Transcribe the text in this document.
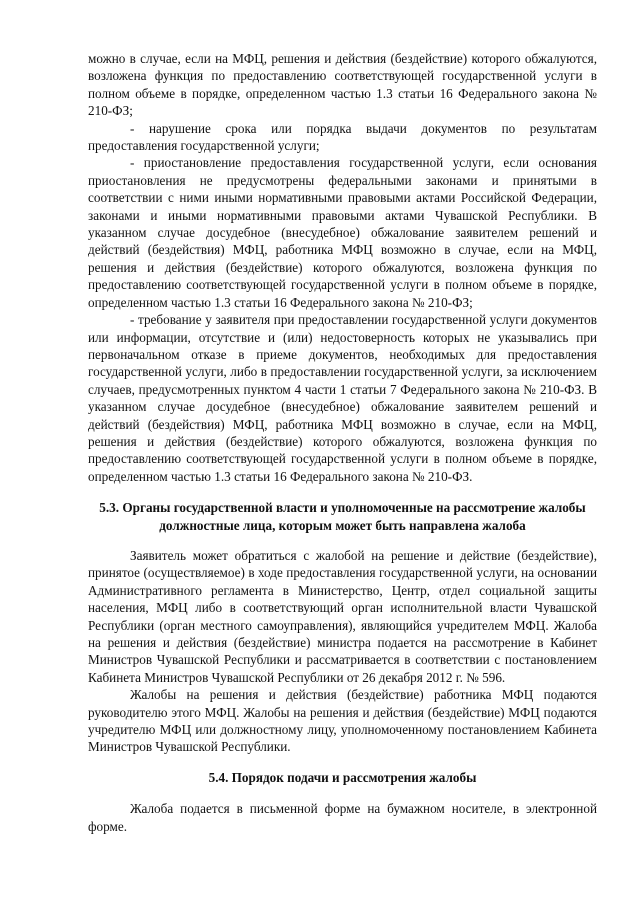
можно в случае, если на МФЦ, решения и действия (бездействие) которого обжалуются, возложена функция по предоставлению соответствующей государственной услуги в полном объеме в порядке, определенном частью 1.3 статьи 16 Федерального закона № 210-ФЗ;

- нарушение срока или порядка выдачи документов по результатам предоставления государственной услуги;

- приостановление предоставления государственной услуги, если основания приостановления не предусмотрены федеральными законами и принятыми в соответствии с ними иными нормативными правовыми актами Российской Федерации, законами и иными нормативными правовыми актами Чувашской Республики. В указанном случае досудебное (внесудебное) обжалование заявителем решений и действий (бездействия) МФЦ, работника МФЦ возможно в случае, если на МФЦ, решения и действия (бездействие) которого обжалуются, возложена функция по предоставлению соответствующей государственной услуги в полном объеме в порядке, определенном частью 1.3 статьи 16 Федерального закона № 210-ФЗ;

- требование у заявителя при предоставлении государственной услуги документов или информации, отсутствие и (или) недостоверность которых не указывались при первоначальном отказе в приеме документов, необходимых для предоставления государственной услуги, либо в предоставлении государственной услуги, за исключением случаев, предусмотренных пунктом 4 части 1 статьи 7 Федерального закона № 210-ФЗ. В указанном случае досудебное (внесудебное) обжалование заявителем решений и действий (бездействия) МФЦ, работника МФЦ возможно в случае, если на МФЦ, решения и действия (бездействие) которого обжалуются, возложена функция по предоставлению соответствующей государственной услуги в полном объеме в порядке, определенном частью 1.3 статьи 16 Федерального закона № 210-ФЗ.

5.3. Органы государственной власти и уполномоченные на рассмотрение жалобы должностные лица, которым может быть направлена жалоба

Заявитель может обратиться с жалобой на решение и действие (бездействие), принятое (осуществляемое) в ходе предоставления государственной услуги, на основании Административного регламента в Министерство, Центр, отдел социальной защиты населения, МФЦ либо в соответствующий орган исполнительной власти Чувашской Республики (орган местного самоуправления), являющийся учредителем МФЦ. Жалоба на решения и действия (бездействие) министра подается на рассмотрение в Кабинет Министров Чувашской Республики и рассматривается в соответствии с постановлением Кабинета Министров Чувашской Республики от 26 декабря 2012 г. № 596.

Жалобы на решения и действия (бездействие) работника МФЦ подаются руководителю этого МФЦ. Жалобы на решения и действия (бездействие) МФЦ подаются учредителю МФЦ или должностному лицу, уполномоченному постановлением Кабинета Министров Чувашской Республики.

5.4. Порядок подачи и рассмотрения жалобы

Жалоба подается в письменной форме на бумажном носителе, в электронной форме.
